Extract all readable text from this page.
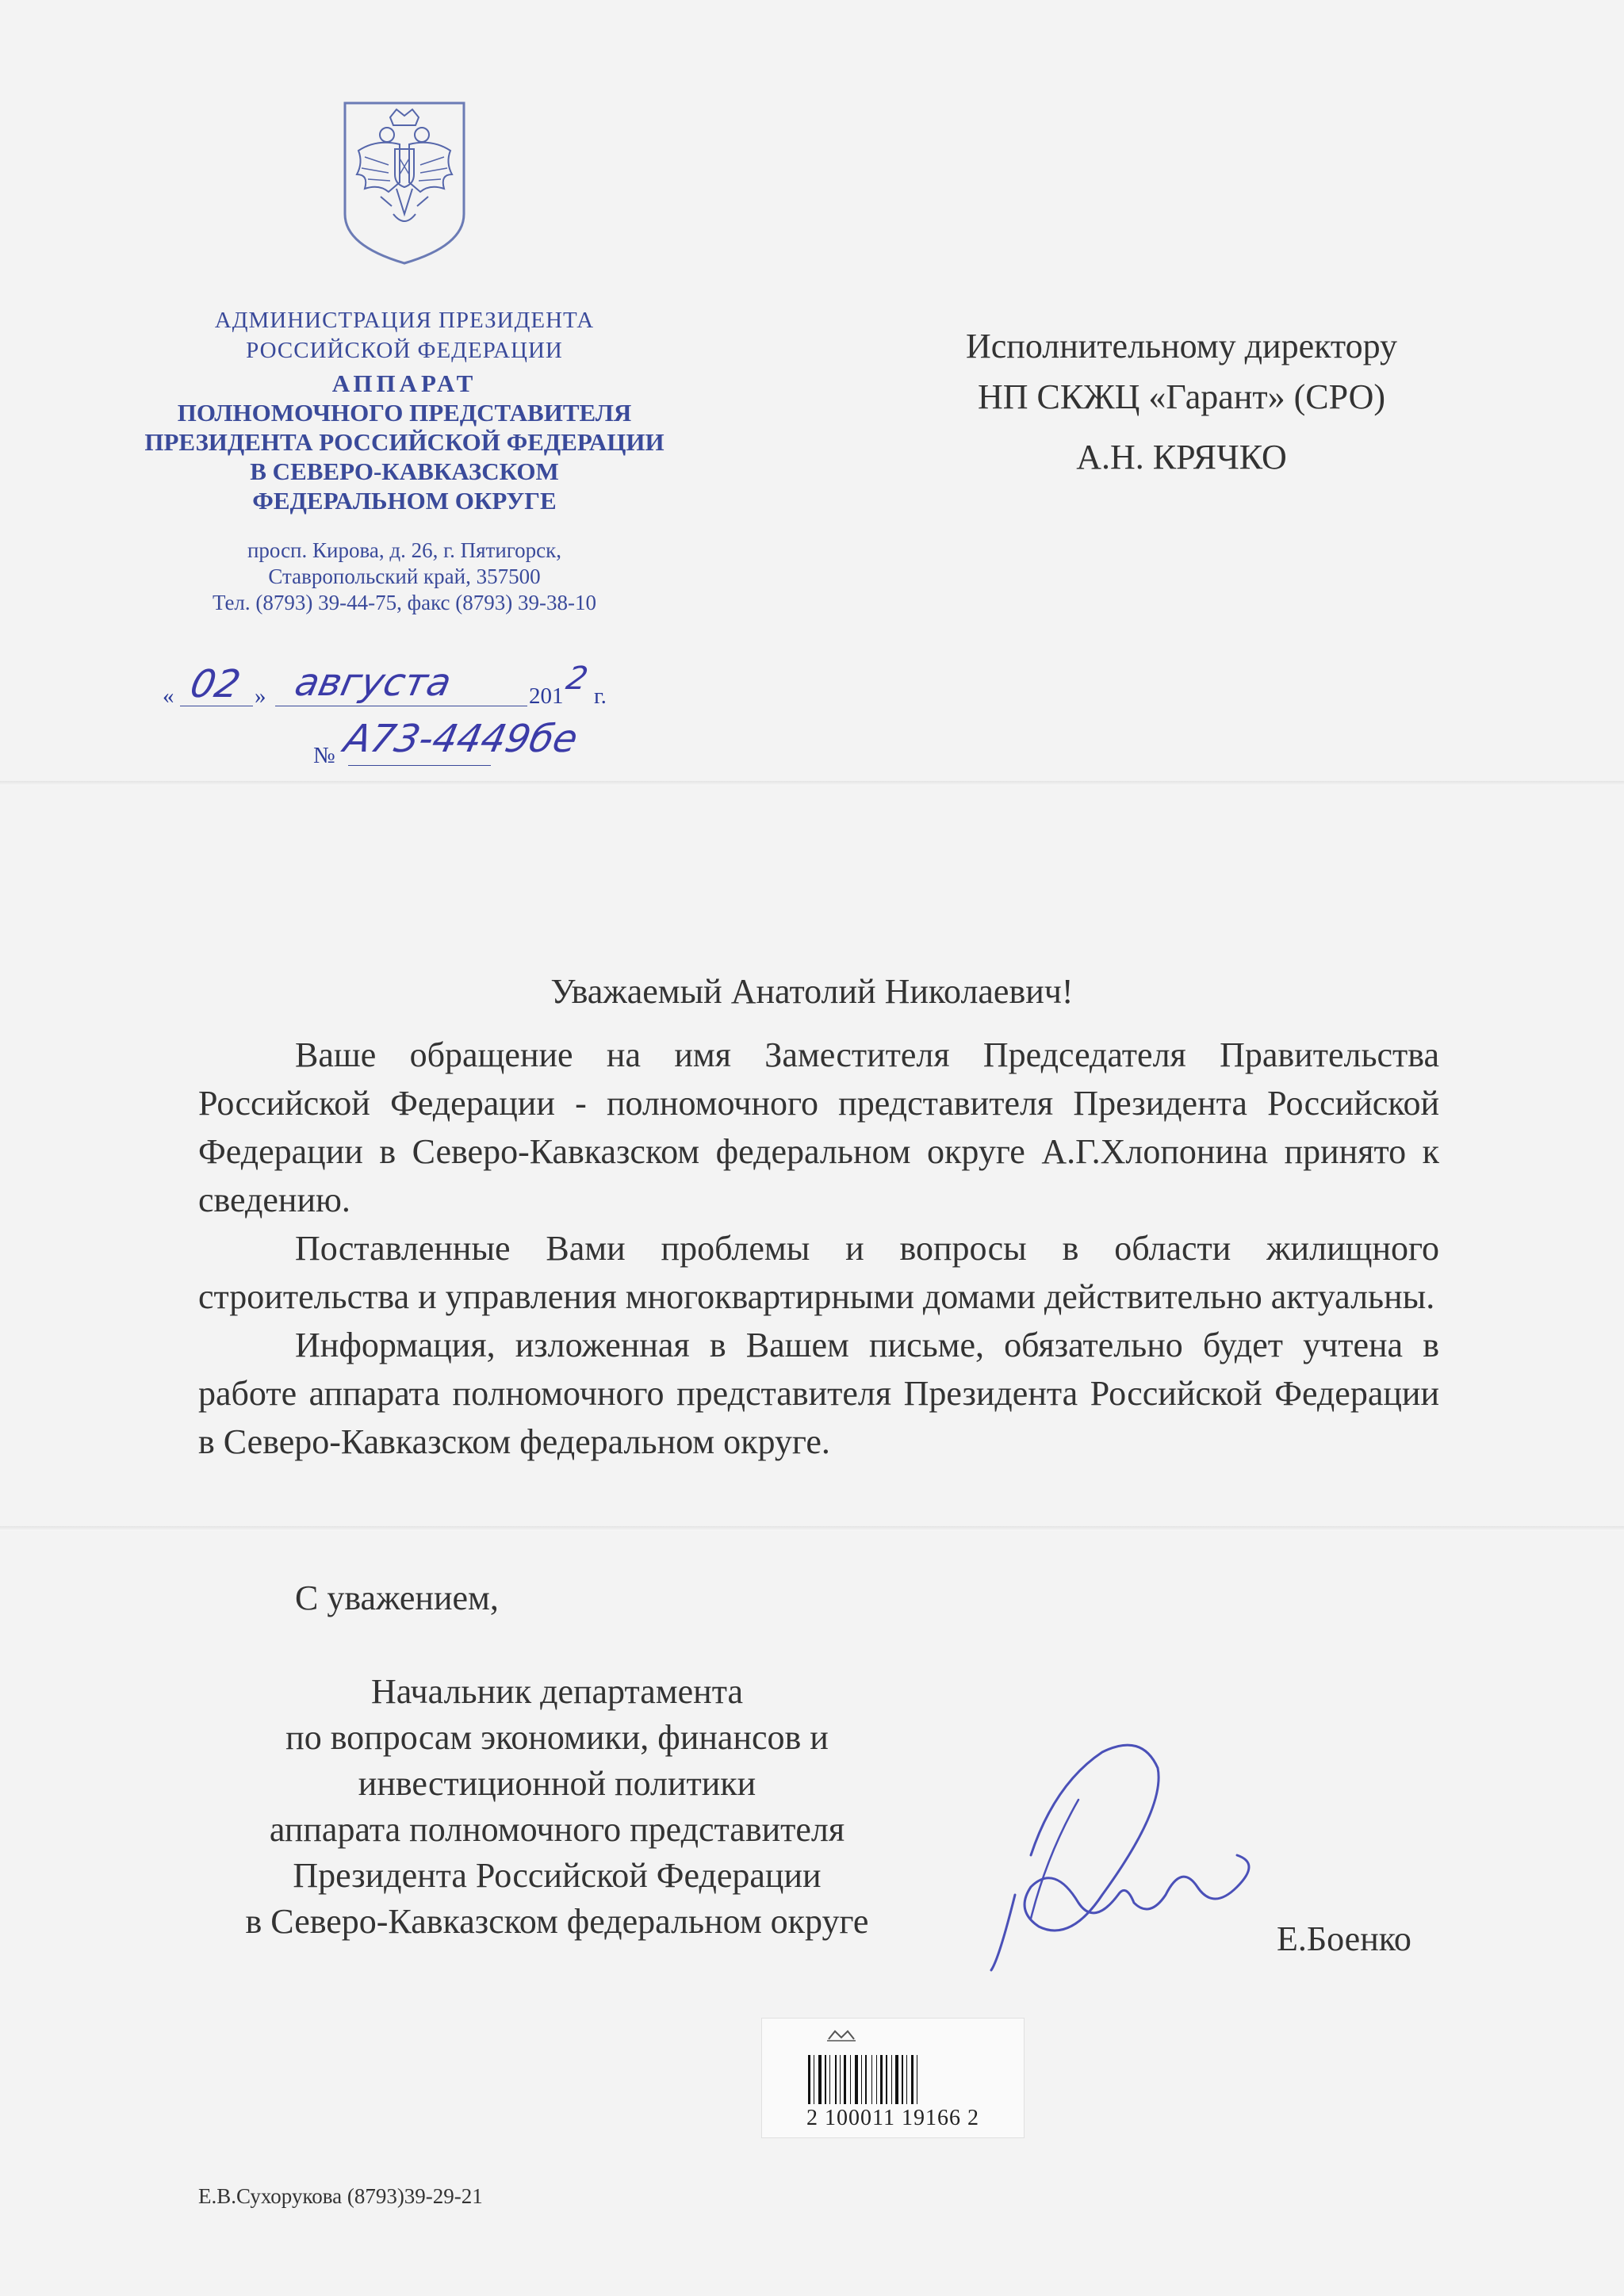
АДМИНИСТРАЦИЯ ПРЕЗИДЕНТА
РОССИЙСКОЙ ФЕДЕРАЦИИ
АППАРАТ
ПОЛНОМОЧНОГО ПРЕДСТАВИТЕЛЯ
ПРЕЗИДЕНТА РОССИЙСКОЙ ФЕДЕРАЦИИ
В СЕВЕРО-КАВКАЗСКОМ
ФЕДЕРАЛЬНОМ ОКРУГЕ
просп. Кирова, д. 26, г. Пятигорск,
Ставропольский край, 357500
Тел. (8793) 39-44-75, факс (8793) 39-38-10
« 02 » августа	201 2 г.
№ А73-4449бе
Исполнительному директору
НП СКЖЦ «Гарант» (СРО)
А.Н. КРЯЧКО
Уважаемый Анатолий Николаевич!

Ваше обращение на имя Заместителя Председателя Правительства Российской Федерации - полномочного представителя Президента Российской Федерации в Северо-Кавказском федеральном округе А.Г.Хлопонина принято к сведению.

Поставленные Вами проблемы и вопросы в области жилищного строительства и управления многоквартирными домами действительно актуальны.

Информация, изложенная в Вашем письме, обязательно будет учтена в работе аппарата полномочного представителя Президента Российской Федерации в Северо-Кавказском федеральном округе.

С уважением,
Начальник департамента
по вопросам экономики, финансов и
инвестиционной политики
аппарата полномочного представителя
Президента Российской Федерации
в Северо-Кавказском федеральном округе	Е.Боенко
2 100011 19166 2
Е.В.Сухорукова (8793)39-29-21
